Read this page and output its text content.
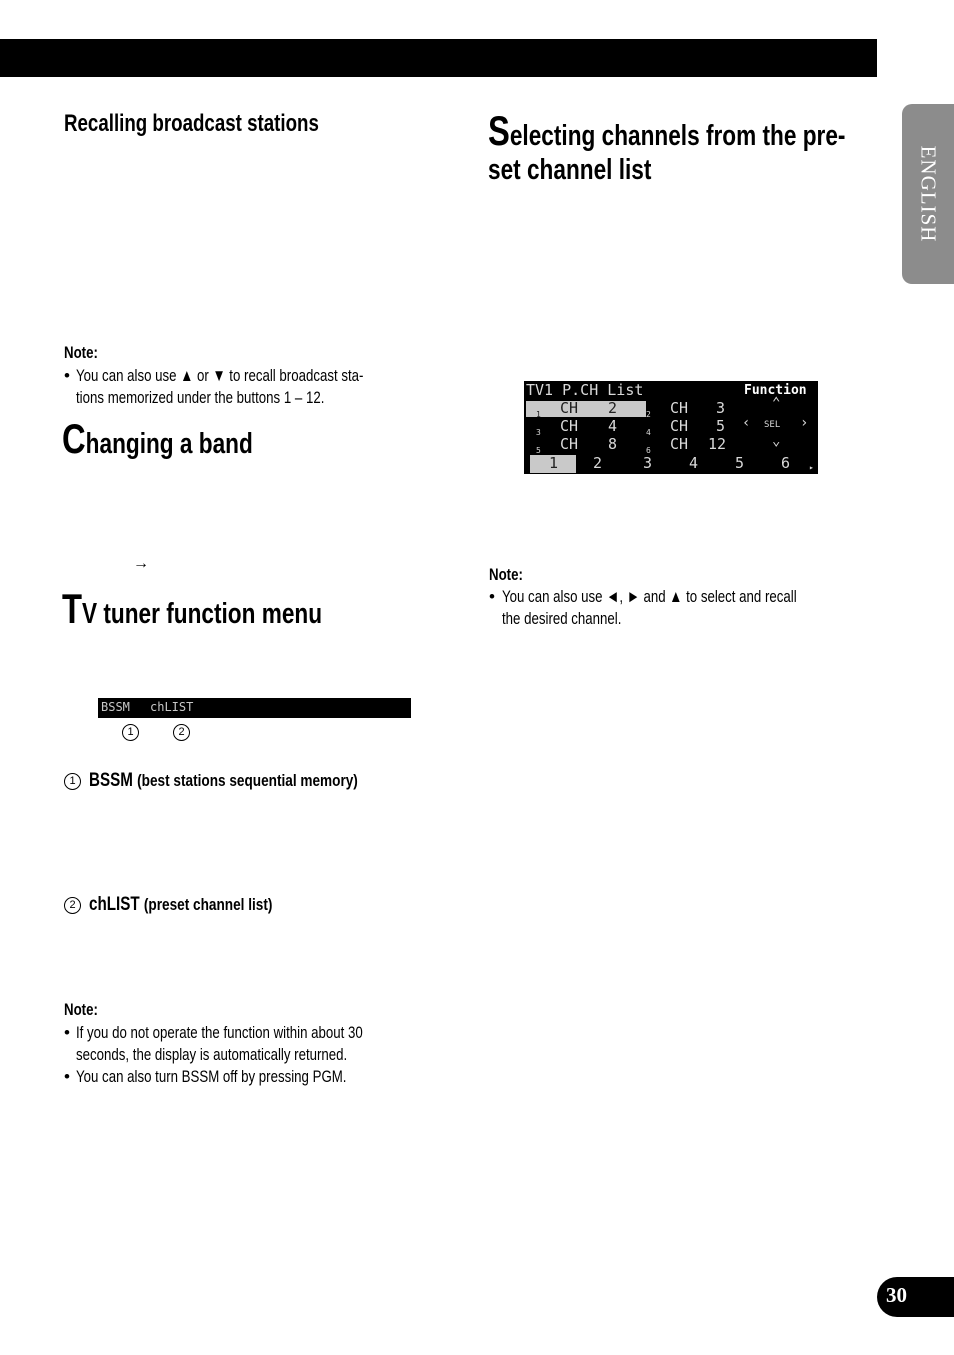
ENGLISH
30
Recalling broadcast stations
Note:
• You can also use ▲ or ▼ to recall broadcast sta-
tions memorized under the buttons 1 – 12.
Changing a band
→
TV tuner function menu
BSSM chLIST
1	2
1 BSSM (best stations sequential memory)
2 chLIST (preset channel list)
Note:
• If you do not operate the function within about 30
seconds, the display is automatically returned.
• You can also turn BSSM off by pressing PGM.
Selecting channels from the pre-
set channel list
TV1 P.CH List	Function
1 CH 2	2 CH 3
3 CH 4	4 CH 5
5 CH 8	6 CH 12
⌃
‹ SEL ›
⌄
1 2	3 4 5 6 ▸
Note:
• You can also use ◄, ► and ▲ to select and recall
the desired channel.
